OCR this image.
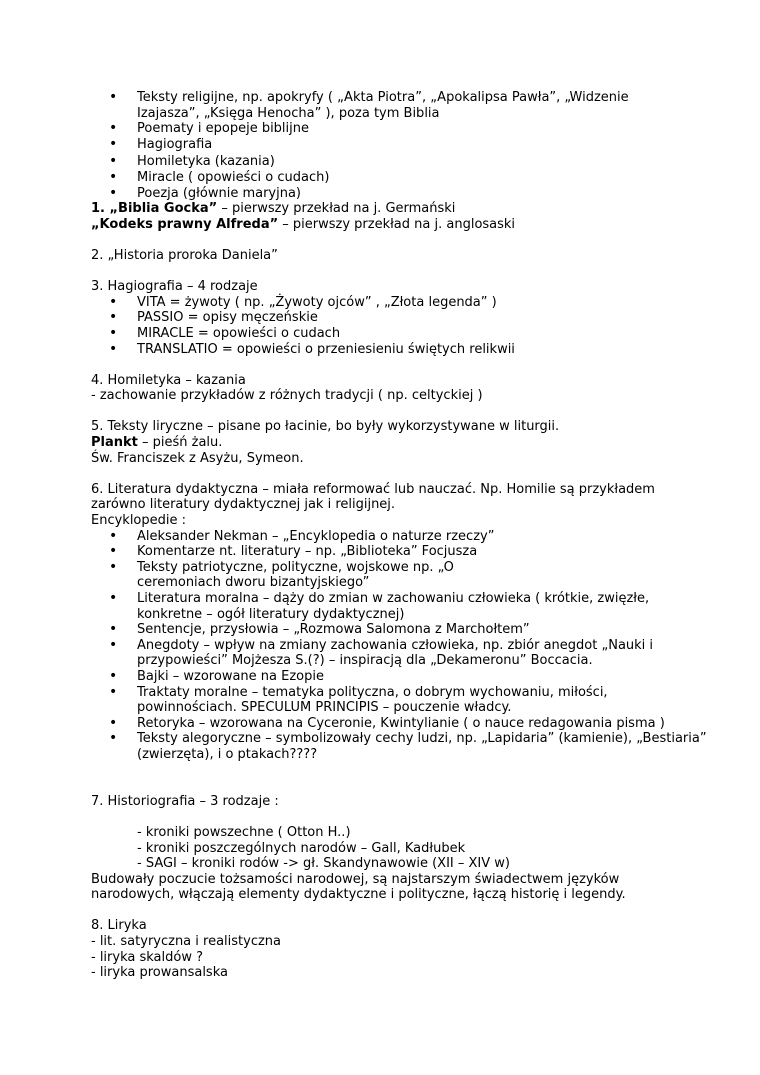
• Teksty religijne, np. apokryfy ( „Akta Piotra”, „Apokalipsa Pawła”, „Widzenie Izajasza”, „Księga Henocha” ), poza tym Biblia
• Poematy i epopeje biblijne
• Hagiografia
• Homiletyka (kazania)
• Miracle ( opowieści o cudach)
• Poezja (głównie maryjna)
1. „Biblia Gocka” – pierwszy przekład na j. Germański
„Kodeks prawny Alfreda” – pierwszy przekład na j. anglosaski
2. „Historia proroka Daniela”
3. Hagiografia – 4 rodzaje
• VITA = żywoty ( np. „Żywoty ojców” , „Złota legenda” )
• PASSIO = opisy męczeńskie
• MIRACLE = opowieści o cudach
• TRANSLATIO = opowieści o przeniesieniu świętych relikwii
4. Homiletyka – kazania
- zachowanie przykładów z różnych tradycji ( np. celtyckiej )
5. Teksty liryczne – pisane po łacinie, bo były wykorzystywane w liturgii.
Plankt – pieśń żalu.
Św. Franciszek z Asyżu, Symeon.
6. Literatura dydaktyczna – miała reformować lub nauczać. Np. Homilie są przykładem
zarówno literatury dydaktycznej jak i religijnej.
Encyklopedie :
• Aleksander Nekman – „Encyklopedia o naturze rzeczy”
• Komentarze nt. literatury – np. „Biblioteka” Focjusza
• Teksty patriotyczne, polityczne, wojskowe np. „O ceremoniach dworu bizantyjskiego”
• Literatura moralna – dąży do zmian w zachowaniu człowieka ( krótkie, zwięzłe, konkretne – ogół literatury dydaktycznej)
• Sentencje, przysłowia – „Rozmowa Salomona z Marchołtem”
• Anegdoty – wpływ na zmiany zachowania człowieka, np. zbiór anegdot „Nauki i przypowieści” Mojżesza S.(?) – inspiracją dla „Dekameronu” Boccacia.
• Bajki – wzorowane na Ezopie
• Traktaty moralne – tematyka polityczna, o dobrym wychowaniu, miłości, powinnościach. SPECULUM PRINCIPIS – pouczenie władcy.
• Retoryka – wzorowana na Cyceronie, Kwintylianie ( o nauce redagowania pisma )
• Teksty alegoryczne – symbolizowały cechy ludzi, np. „Lapidaria” (kamienie), „Bestiaria” (zwierzęta), i o ptakach????
7. Historiografia – 3 rodzaje :
- kroniki powszechne ( Otton H..)
- kroniki poszczególnych narodów – Gall, Kadłubek
- SAGI – kroniki rodów -> gł. Skandynawowie (XII – XIV w)
Budowały poczucie tożsamości narodowej, są najstarszym świadectwem języków
narodowych, włączają elementy dydaktyczne i polityczne, łączą historię i legendy.
8. Liryka
- lit. satyryczna i realistyczna
- liryka skaldów ?
- liryka prowansalska
